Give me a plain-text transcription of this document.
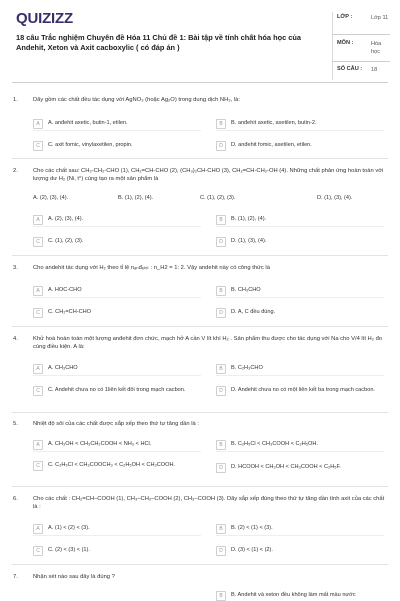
QUIZIZZ
18 câu Trắc nghiệm Chuyên đề Hóa 11 Chủ đề 1: Bài tập về tính chất hóa học của Andehit, Xeton và Axit cacboxylic ( có đáp án )
LỚP :	Lớp 11
MÔN :	Hóa học
SỐ CÂU : 18
1.	Dãy gồm các chất đều tác dụng với AgNO₃ (hoặc Ag₂O) trong dung dịch NH₃, là:
A	A. anđehit axetic, butin-1, etilen.	B	B. anđehit axetic, axetilen, butin-2.
C	C. axit fomic, vinylaxetilen, propin.	D	D. anđehit fomic, axetilen, etilen.
2.	Cho các chất sau: CH₃-CH₂-CHO (1), CH₂=CH-CHO (2), (CH₃)₂CH-CHO (3), CH₂=CH-CH₂-OH (4). Những chất phản ứng hoàn toàn với lượng dư H₂ (Ni, t°) cùng tạo ra một sản phẩm là
A. (2), (3), (4).	B. (1), (2), (4).	C. (1), (2), (3).	D. (1), (3), (4).
A	A. (2), (3), (4).	B	B. (1), (2), (4).
C	C. (1), (2), (3).	D	D. (1), (3), (4).
3.	Cho andehit tác dụng với H₂ theo tỉ lệ nₐₙđₑₕᵢₜ : n_H2 = 1: 2. Vậy andehit này có công thức là
A	A. HOC-CHO	B	B. CH₃CHO
C	C. CH₂=CH-CHO	D	D. A, C đều đúng.
4.	Khử hoá hoàn toàn một lượng anđehit đơn chức, mạch hở A cần V lít khí H₂ . Sản phẩm thu được cho tác dụng với Na cho V/4 lít H₂ đo cùng điều kiện. A là:
A	A. CH₃CHO	B	B. C₂H₃CHO
C	C. Andehit chưa no có 1liên kết đôi trong mạch cacbon.	D	D. Andehit chưa no có một liên kết ba trong mạch cacbon.
5.	Nhiệt độ sôi của các chất được sắp xếp theo thứ tự tăng dần là :
A	A. CH₃OH < CH₃CH₂COOH < NH₃ < HCl.	B	B. C₂H₅Cl < CH₃COOH < C₂H₅OH.
C	C. C₂H₅Cl < CH₃COOCH₃ < C₂H₅OH < CH₃COOH.	D	D. HCOOH < CH₃OH < CH₃COOH < C₂H₅F.
6.	Cho các chất : CH₂=CH–COOH (1), CH₃–CH₂–COOH (2), CH₃–COOH (3). Dãy sắp xếp đúng theo thứ tự tăng dần tính axit của các chất là :
A	A. (1) < (2) < (3).	B	B. (2) < (1) < (3).
C	C. (2) < (3) < (1).	D	D. (3) < (1) < (2).
7.	Nhận xét nào sau đây là đúng ?
B	B. Andehit và xeton đều không làm mất màu nước
